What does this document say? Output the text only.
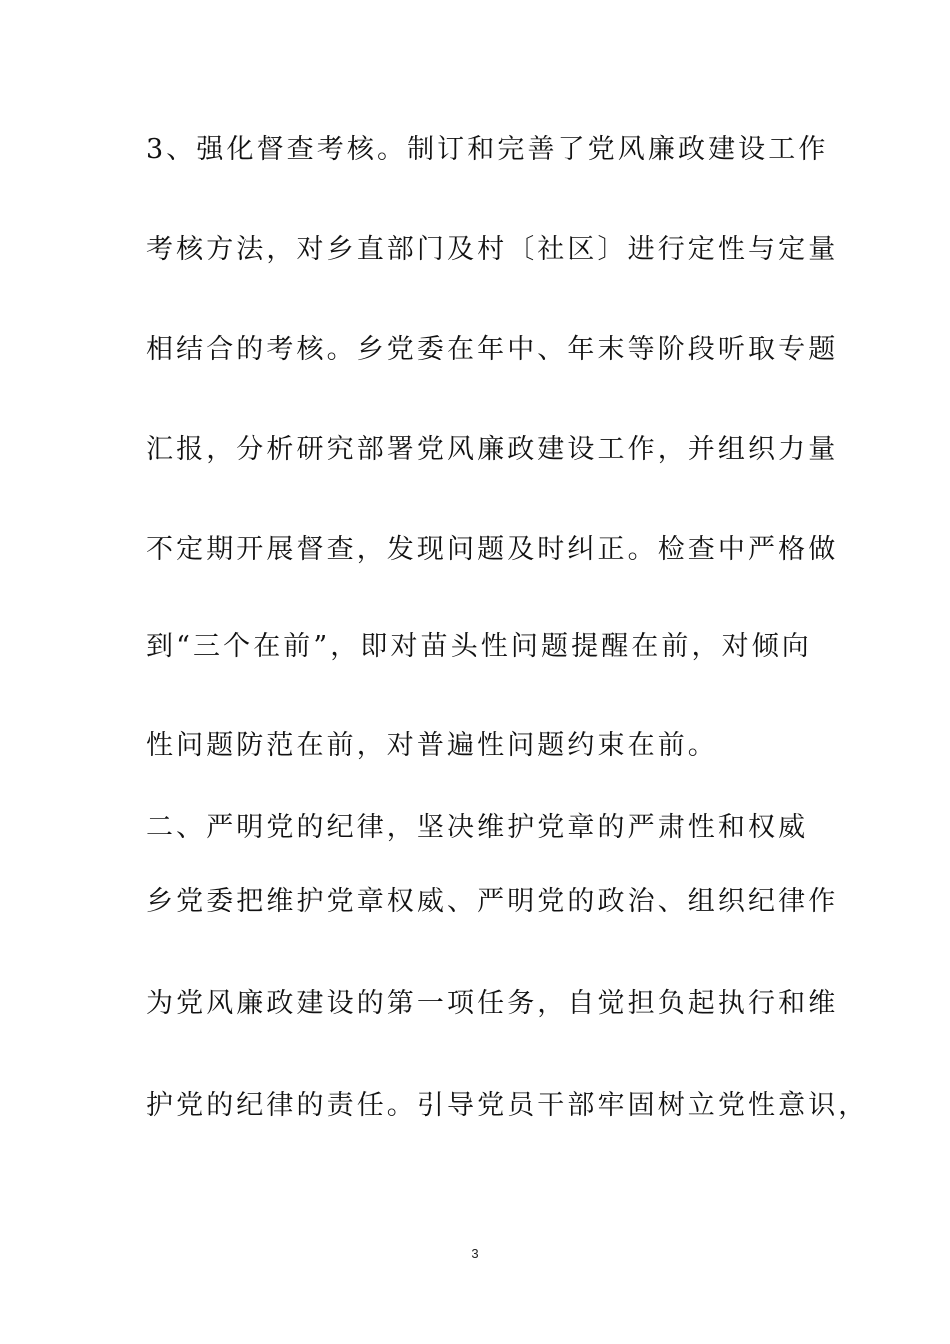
3、强化督查考核。制订和完善了党风廉政建设工作
考核方法，对乡直部门及村〔社区〕进行定性与定量
相结合的考核。乡党委在年中、年末等阶段听取专题
汇报，分析研究部署党风廉政建设工作，并组织力量
不定期开展督查，发现问题及时纠正。检查中严格做
到“三个在前”，即对苗头性问题提醒在前，对倾向
性问题防范在前，对普遍性问题约束在前。
二、严明党的纪律，坚决维护党章的严肃性和权威
乡党委把维护党章权威、严明党的政治、组织纪律作
为党风廉政建设的第一项任务，自觉担负起执行和维
护党的纪律的责任。引导党员干部牢固树立党性意识，
3
